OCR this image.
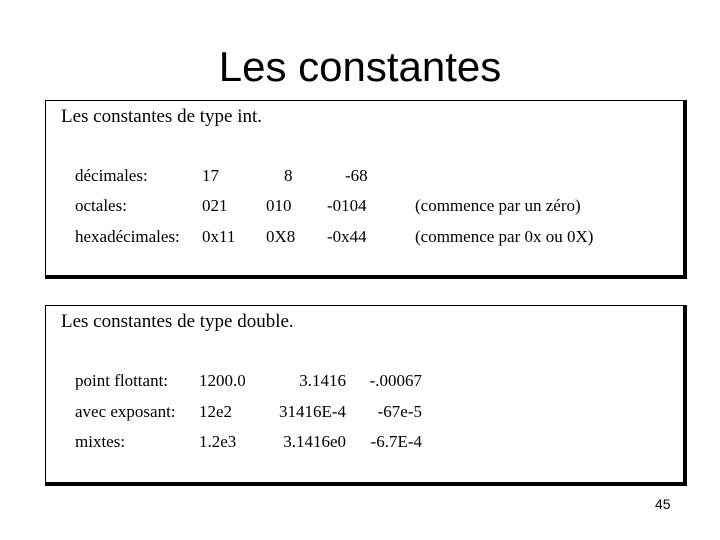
Les constantes
Les constantes de type int.
décimales:	17	8	-68
octales:	021 010 -0104	(commence par un zéro)
hexadécimales: 0x11 0X8 -0x44	(commence par 0x ou 0X)
Les constantes de type double.
point flottant: 1200.0	3.1416	-.00067
avec exposant: 12e2	31416E-4	-67e-5
mixtes:	1.2e3	3.1416e0	-6.7E-4
45
